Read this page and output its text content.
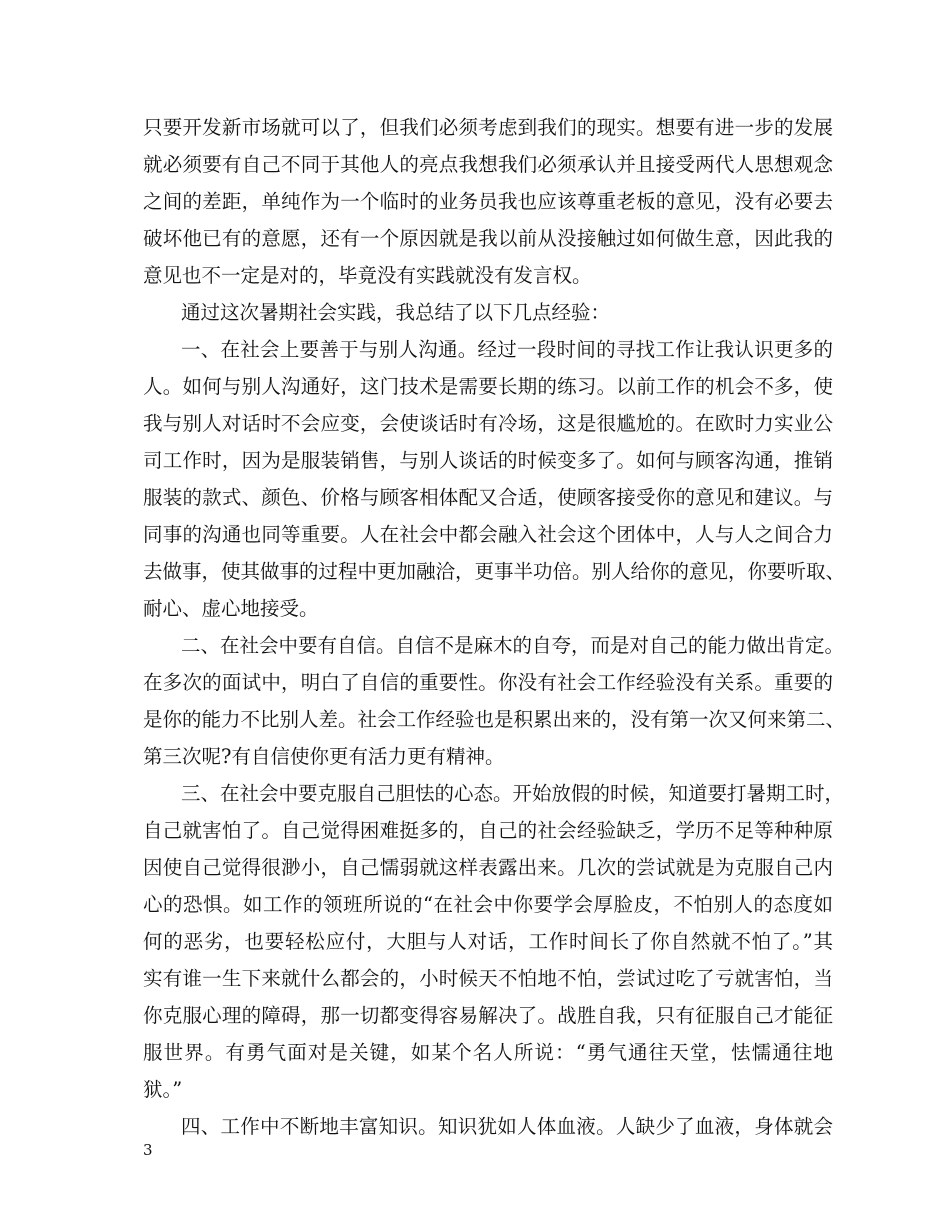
只要开发新市场就可以了，但我们必须考虑到我们的现实。想要有进一步的发展
就必须要有自己不同于其他人的亮点我想我们必须承认并且接受两代人思想观念
之间的差距，单纯作为一个临时的业务员我也应该尊重老板的意见，没有必要去
破坏他已有的意愿，还有一个原因就是我以前从没接触过如何做生意，因此我的
意见也不一定是对的，毕竟没有实践就没有发言权。
通过这次暑期社会实践，我总结了以下几点经验：
一、在社会上要善于与别人沟通。经过一段时间的寻找工作让我认识更多的
人。如何与别人沟通好，这门技术是需要长期的练习。以前工作的机会不多，使
我与别人对话时不会应变，会使谈话时有冷场，这是很尴尬的。在欧时力实业公
司工作时，因为是服装销售，与别人谈话的时候变多了。如何与顾客沟通，推销
服装的款式、颜色、价格与顾客相体配又合适，使顾客接受你的意见和建议。与
同事的沟通也同等重要。人在社会中都会融入社会这个团体中，人与人之间合力
去做事，使其做事的过程中更加融洽，更事半功倍。别人给你的意见，你要听取、
耐心、虚心地接受。
二、在社会中要有自信。自信不是麻木的自夸，而是对自己的能力做出肯定。
在多次的面试中，明白了自信的重要性。你没有社会工作经验没有关系。重要的
是你的能力不比别人差。社会工作经验也是积累出来的，没有第一次又何来第二、
第三次呢?有自信使你更有活力更有精神。
三、在社会中要克服自己胆怯的心态。开始放假的时候，知道要打暑期工时，
自己就害怕了。自己觉得困难挺多的，自己的社会经验缺乏，学历不足等种种原
因使自己觉得很渺小，自己懦弱就这样表露出来。几次的尝试就是为克服自己内
心的恐惧。如工作的领班所说的“在社会中你要学会厚脸皮，不怕别人的态度如
何的恶劣，也要轻松应付，大胆与人对话，工作时间长了你自然就不怕了。”其
实有谁一生下来就什么都会的，小时候天不怕地不怕，尝试过吃了亏就害怕，当
你克服心理的障碍，那一切都变得容易解决了。战胜自我，只有征服自己才能征
服世界。有勇气面对是关键，如某个名人所说：“勇气通往天堂，怯懦通往地
狱。”
四、工作中不断地丰富知识。知识犹如人体血液。人缺少了血液，身体就会
3
